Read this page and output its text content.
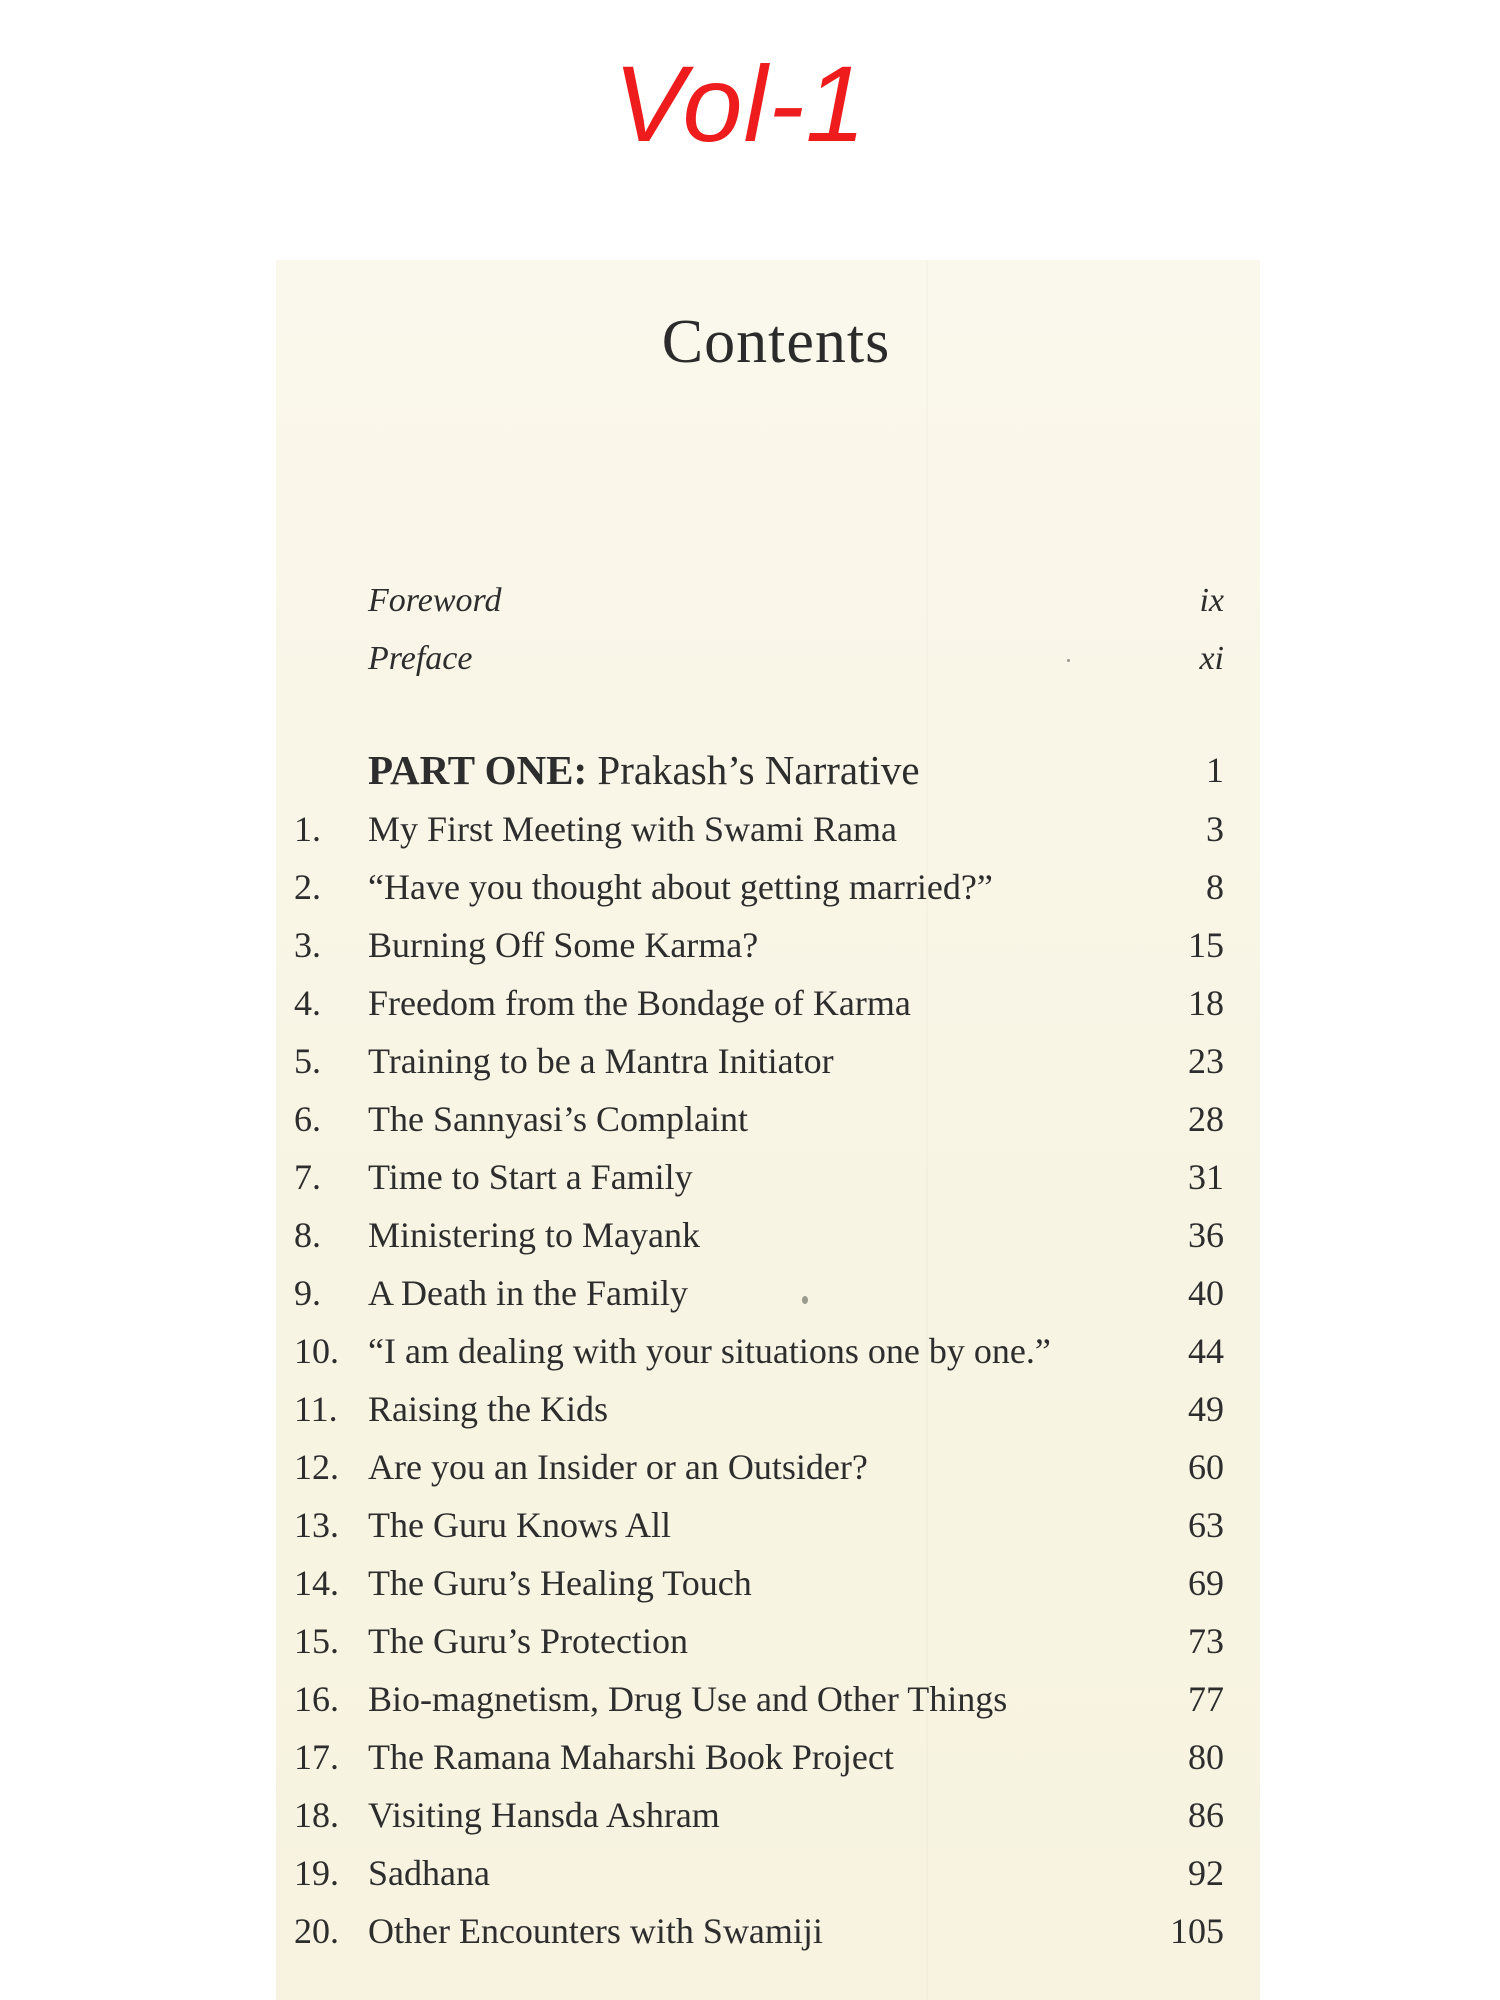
Vol-1
Contents
Foreword	ix
Preface	xi
PART ONE: Prakash’s Narrative	1
1.	My First Meeting with Swami Rama	3
2.	“Have you thought about getting married?”	8
3.	Burning Off Some Karma?	15
4.	Freedom from the Bondage of Karma	18
5.	Training to be a Mantra Initiator	23
6.	The Sannyasi’s Complaint	28
7.	Time to Start a Family	31
8.	Ministering to Mayank	36
9.	A Death in the Family	40
10. “I am dealing with your situations one by one.”	44
11. Raising the Kids	49
12. Are you an Insider or an Outsider?	60
13. The Guru Knows All	63
14. The Guru’s Healing Touch	69
15. The Guru’s Protection	73
16. Bio-magnetism, Drug Use and Other Things	77
17. The Ramana Maharshi Book Project	80
18. Visiting Hansda Ashram	86
19. Sadhana	92
20. Other Encounters with Swamiji	105
